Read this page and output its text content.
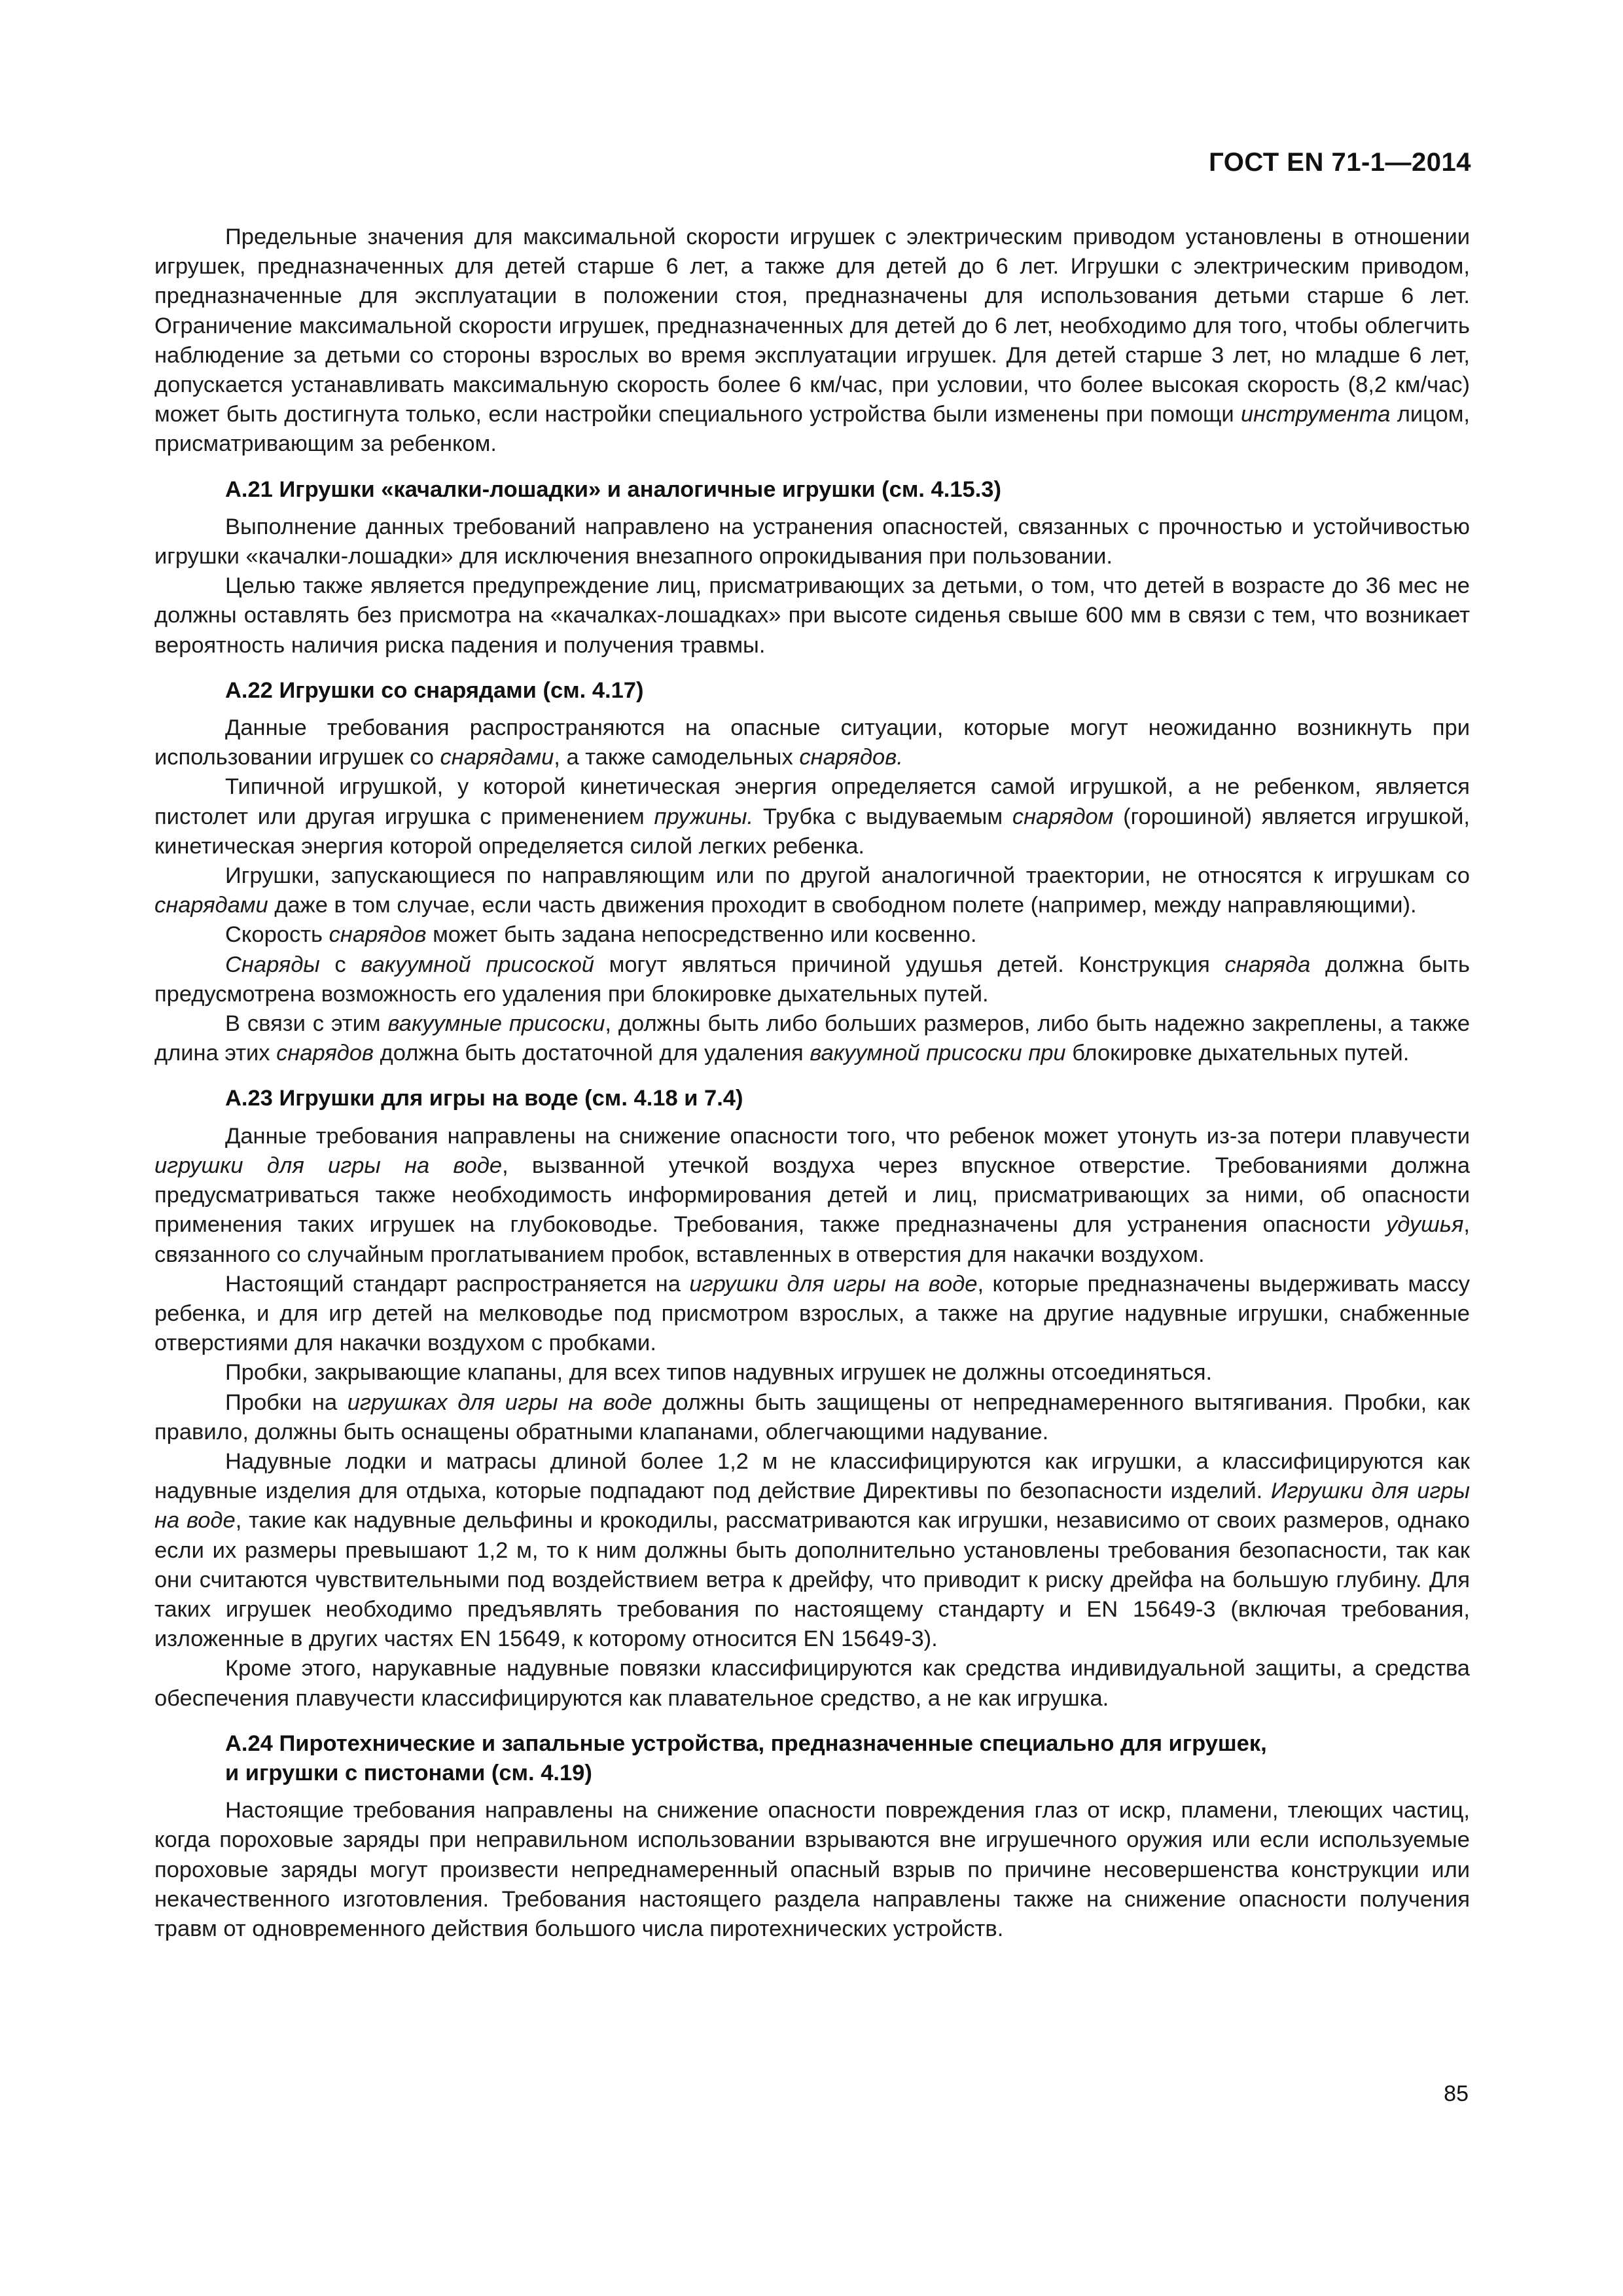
ГОСТ EN 71-1—2014

Предельные значения для максимальной скорости игрушек с электрическим приводом установлены в отношении игрушек, предназначенных для детей старше 6 лет, а также для детей до 6 лет. Игрушки с электрическим приводом, предназначенные для эксплуатации в положении стоя, предназначены для использования детьми старше 6 лет. Ограничение максимальной скорости игрушек, предназначенных для детей до 6 лет, необходимо для того, чтобы облегчить наблюдение за детьми со стороны взрослых во время эксплуатации игрушек. Для детей старше 3 лет, но младше 6 лет, допускается устанавливать максимальную скорость более 6 км/час, при условии, что более высокая скорость (8,2 км/час) может быть достигнута только, если настройки специального устройства были изменены при помощи инструмента лицом, присматривающим за ребенком.

А.21 Игрушки «качалки-лошадки» и аналогичные игрушки (см. 4.15.3)

Выполнение данных требований направлено на устранения опасностей, связанных с прочностью и устойчивостью игрушки «качалки-лошадки» для исключения внезапного опрокидывания при пользовании.

Целью также является предупреждение лиц, присматривающих за детьми, о том, что детей в возрасте до 36 мес не должны оставлять без присмотра на «качалках-лошадках» при высоте сиденья свыше 600 мм в связи с тем, что возникает вероятность наличия риска падения и получения травмы.

А.22 Игрушки со снарядами (см. 4.17)

Данные требования распространяются на опасные ситуации, которые могут неожиданно возникнуть при использовании игрушек со снарядами, а также самодельных снарядов.

Типичной игрушкой, у которой кинетическая энергия определяется самой игрушкой, а не ребенком, является пистолет или другая игрушка с применением пружины. Трубка с выдуваемым снарядом (горошиной) является игрушкой, кинетическая энергия которой определяется силой легких ребенка.

Игрушки, запускающиеся по направляющим или по другой аналогичной траектории, не относятся к игрушкам со снарядами даже в том случае, если часть движения проходит в свободном полете (например, между направляющими).

Скорость снарядов может быть задана непосредственно или косвенно.

Снаряды с вакуумной присоской могут являться причиной удушья детей. Конструкция снаряда должна быть предусмотрена возможность его удаления при блокировке дыхательных путей.

В связи с этим вакуумные присоски, должны быть либо больших размеров, либо быть надежно закреплены, а также длина этих снарядов должна быть достаточной для удаления вакуумной присоски при блокировке дыхательных путей.

А.23 Игрушки для игры на воде (см. 4.18 и 7.4)

Данные требования направлены на снижение опасности того, что ребенок может утонуть из-за потери плавучести игрушки для игры на воде, вызванной утечкой воздуха через впускное отверстие. Требованиями должна предусматриваться также необходимость информирования детей и лиц, присматривающих за ними, об опасности применения таких игрушек на глубоководье. Требования, также предназначены для устранения опасности удушья, связанного со случайным проглатыванием пробок, вставленных в отверстия для накачки воздухом.

Настоящий стандарт распространяется на игрушки для игры на воде, которые предназначены выдерживать массу ребенка, и для игр детей на мелководье под присмотром взрослых, а также на другие надувные игрушки, снабженные отверстиями для накачки воздухом с пробками.

Пробки, закрывающие клапаны, для всех типов надувных игрушек не должны отсоединяться.

Пробки на игрушках для игры на воде должны быть защищены от непреднамеренного вытягивания. Пробки, как правило, должны быть оснащены обратными клапанами, облегчающими надувание.

Надувные лодки и матрасы длиной более 1,2 м не классифицируются как игрушки, а классифицируются как надувные изделия для отдыха, которые подпадают под действие Директивы по безопасности изделий. Игрушки для игры на воде, такие как надувные дельфины и крокодилы, рассматриваются как игрушки, независимо от своих размеров, однако если их размеры превышают 1,2 м, то к ним должны быть дополнительно установлены требования безопасности, так как они считаются чувствительными под воздействием ветра к дрейфу, что приводит к риску дрейфа на большую глубину. Для таких игрушек необходимо предъявлять требования по настоящему стандарту и EN 15649-3 (включая требования, изложенные в других частях EN 15649, к которому относится EN 15649-3).

Кроме этого, нарукавные надувные повязки классифицируются как средства индивидуальной защиты, а средства обеспечения плавучести классифицируются как плавательное средство, а не как игрушка.

А.24 Пиротехнические и запальные устройства, предназначенные специально для игрушек,
и игрушки с пистонами (см. 4.19)

Настоящие требования направлены на снижение опасности повреждения глаз от искр, пламени, тлеющих частиц, когда пороховые заряды при неправильном использовании взрываются вне игрушечного оружия или если используемые пороховые заряды могут произвести непреднамеренный опасный взрыв по причине несовершенства конструкции или некачественного изготовления. Требования настоящего раздела направлены также на снижение опасности получения травм от одновременного действия большого числа пиротехнических устройств.

85
